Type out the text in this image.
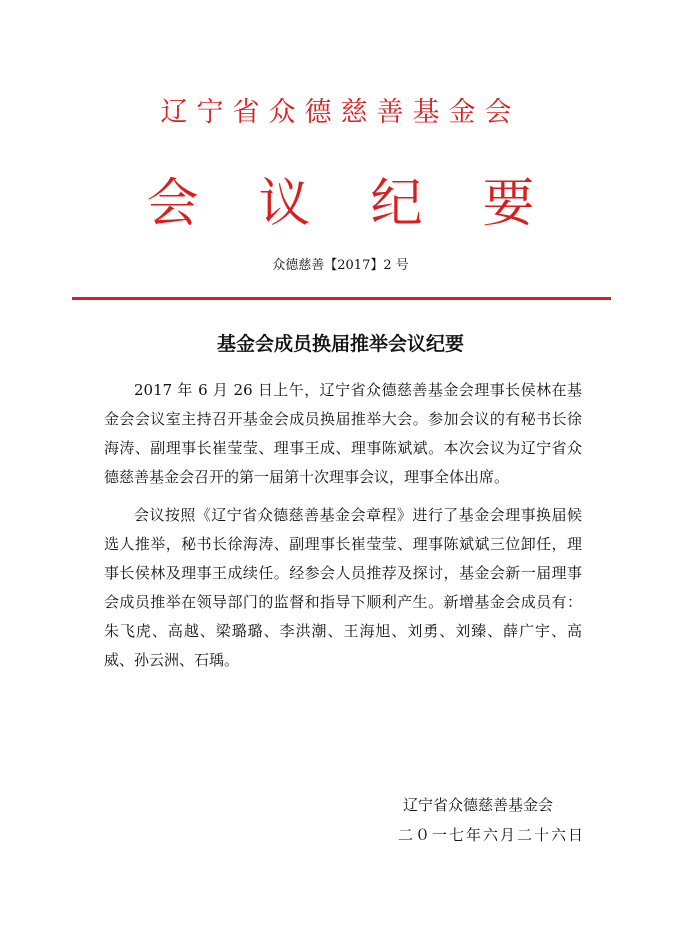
辽宁省众德慈善基金会
会议纪要
众德慈善【2017】2 号
基金会成员换届推举会议纪要

2017 年 6 月 26 日上午，辽宁省众德慈善基金会理事长侯林在基金会会议室主持召开基金会成员换届推举大会。参加会议的有秘书长徐海涛、副理事长崔莹莹、理事王成、理事陈斌斌。本次会议为辽宁省众德慈善基金会召开的第一届第十次理事会议，理事全体出席。

会议按照《辽宁省众德慈善基金会章程》进行了基金会理事换届候选人推举，秘书长徐海涛、副理事长崔莹莹、理事陈斌斌三位卸任，理事长侯林及理事王成续任。经参会人员推荐及探讨，基金会新一届理事会成员推举在领导部门的监督和指导下顺利产生。新增基金会成员有：朱飞虎、高越、梁璐璐、李洪潮、王海旭、刘勇、刘臻、薛广宇、高威、孙云洲、石瑀。

辽宁省众德慈善基金会
二０一七年六月二十六日
